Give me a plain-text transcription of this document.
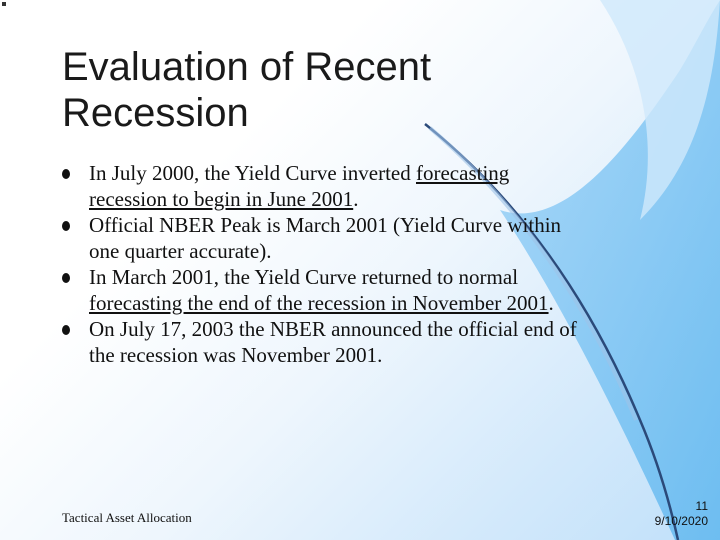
Evaluation of Recent
Recession
In July 2000, the Yield Curve inverted forecasting
recession to begin in June 2001.
Official NBER Peak is March 2001 (Yield Curve within
one quarter accurate).
In March 2001, the Yield Curve returned to normal
forecasting the end of the recession in November 2001.
On July 17, 2003 the NBER announced the official end of
the recession was November 2001.
Tactical Asset Allocation
11
9/10/2020
